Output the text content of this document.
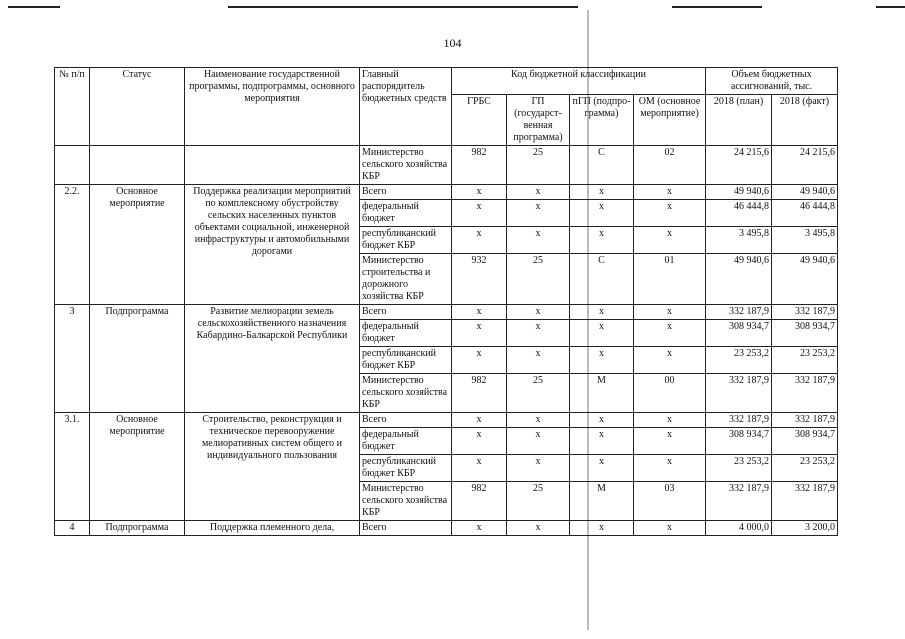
104
№ п/п	Статус	Наименование государственной программы, подпрограммы, основного мероприятия	Главный распорядитель бюджетных средств	Код бюджетной классификации				Объем бюджетных ассигнований, тыс.	
				ГРБС	ГП (государст-венная программа)	пГП (подпро-грамма)	ОМ (основное мероприятие)	2018 (план)	2018 (факт)
			Министерство сельского хозяйства КБР	982	25	С	02	24 215,6	24 215,6
2.2.	Основное мероприятие	Поддержка реализации мероприятий по комплексному обустройству сельских населенных пунктов объектами социальной, инженерной инфраструктуры и автомобильными дорогами	Всего	x	x	x	x	49 940,6	49 940,6
			федеральный бюджет	x	x	x	x	46 444,8	46 444,8
			республиканский бюджет КБР	x	x	x	x	3 495,8	3 495,8
			Министерство строительства и дорожного хозяйства КБР	932	25	С	01	49 940,6	49 940,6
3	Подпрограмма	Развитие мелиорации земель сельскохозяйственного назначения Кабардино-Балкарской Республики	Всего	x	x	x	x	332 187,9	332 187,9
			федеральный бюджет	x	x	x	x	308 934,7	308 934,7
			республиканский бюджет КБР	x	x	x	x	23 253,2	23 253,2
			Министерство сельского хозяйства КБР	982	25	М	00	332 187,9	332 187,9
3.1.	Основное мероприятие	Строительство, реконструкция и техническое перевооружение мелиоративных систем общего и индивидуального пользования	Всего	x	x	x	x	332 187,9	332 187,9
			федеральный бюджет	x	x	x	x	308 934,7	308 934,7
			республиканский бюджет КБР	x	x	x	x	23 253,2	23 253,2
			Министерство сельского хозяйства КБР	982	25	М	03	332 187,9	332 187,9
4	Подпрограмма	Поддержка племенного дела,	Всего	x	x	x	x	4 000,0	3 200,0
